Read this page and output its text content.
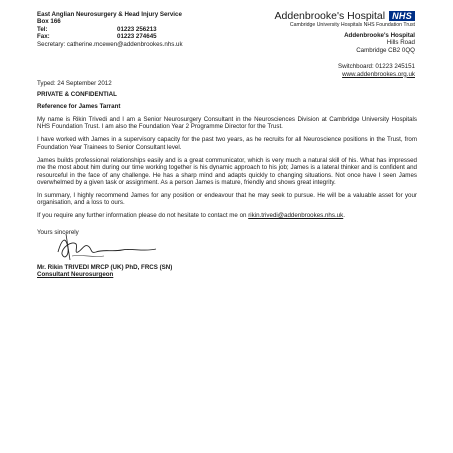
East Anglian Neurosurgery & Head Injury Service
Box 166
Tel:	01223 256213
Fax:	01223 274645
Secretary: catherine.mcewen@addenbrookes.nhs.uk
Addenbrooke's Hospital NHS
Cambridge University Hospitals NHS Foundation Trust
Addenbrooke's Hospital
Hills Road
Cambridge CB2 0QQ
Switchboard: 01223 245151
www.addenbrookes.org.uk
Typed: 24 September 2012
PRIVATE & CONFIDENTIAL
Reference for James Tarrant

My name is Rikin Trivedi and I am a Senior Neurosurgery Consultant in the Neurosciences Division at Cambridge University Hospitals NHS Foundation Trust. I am also the Foundation Year 2 Programme Director for the Trust.

I have worked with James in a supervisory capacity for the past two years, as he recruits for all Neuroscience positions in the Trust, from Foundation Year Trainees to Senior Consultant level.

James builds professional relationships easily and is a great communicator, which is very much a natural skill of his. What has impressed me the most about him during our time working together is his dynamic approach to his job; James is a lateral thinker and is confident and resourceful in the face of any challenge. He has a sharp mind and adapts quickly to changing situations. Not once have I seen James overwhelmed by a given task or assignment. As a person James is mature, friendly and shows great integrity.

In summary, I highly recommend James for any position or endeavour that he may seek to pursue. He will be a valuable asset for your organisation, and a loss to ours.

If you require any further information please do not hesitate to contact me on rikin.trivedi@addenbrookes.nhs.uk.

Yours sincerely
Mr. Rikin TRIVEDI MRCP (UK) PhD, FRCS (SN)
Consultant Neurosurgeon
